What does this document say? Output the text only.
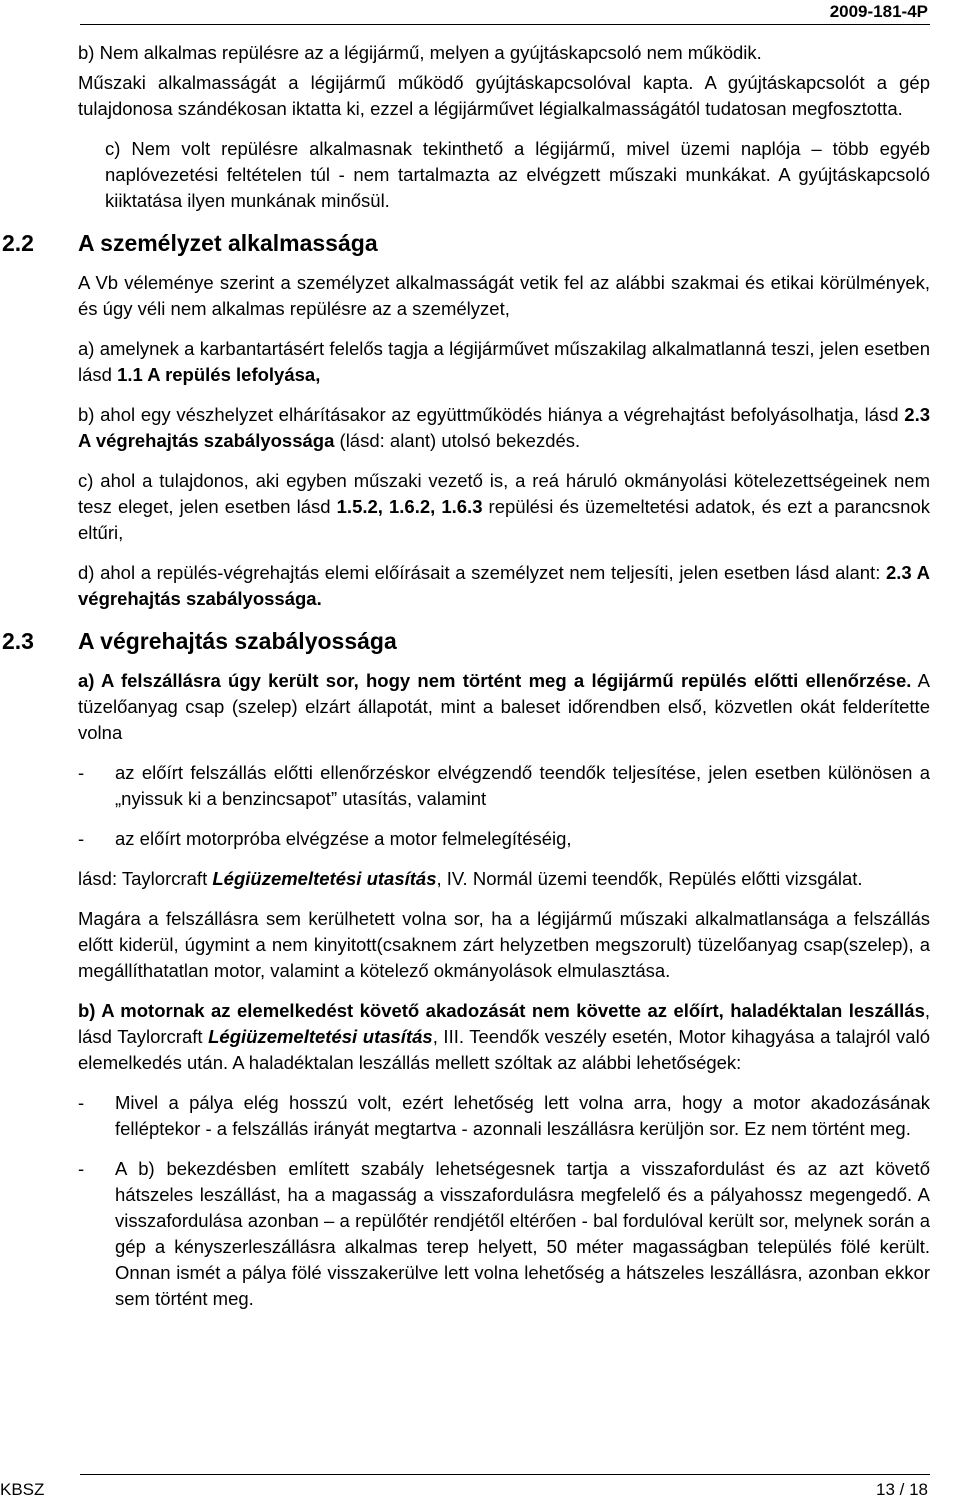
2009-181-4P

b) Nem alkalmas repülésre az a légijármű, melyen a gyújtáskapcsoló nem működik.

Műszaki alkalmasságát a légijármű működő gyújtáskapcsolóval kapta. A gyújtáskapcsolót a gép tulajdonosa szándékosan iktatta ki, ezzel a légijárművet légialkalmasságától tudatosan megfosztotta.

c) Nem volt repülésre alkalmasnak tekinthető a légijármű, mivel üzemi naplója – több egyéb naplóvezetési feltételen túl - nem tartalmazta az elvégzett műszaki munkákat. A gyújtáskapcsoló kiiktatása ilyen munkának minősül.

2.2 A személyzet alkalmassága

A Vb véleménye szerint a személyzet alkalmasságát vetik fel az alábbi szakmai és etikai körülmények, és úgy véli nem alkalmas repülésre az a személyzet,

a) amelynek a karbantartásért felelős tagja a légijárművet műszakilag alkalmatlanná teszi, jelen esetben lásd 1.1 A repülés lefolyása,

b) ahol egy vészhelyzet elhárításakor az együttműködés hiánya a végrehajtást befolyásolhatja, lásd 2.3 A végrehajtás szabályossága (lásd: alant) utolsó bekezdés.

c) ahol a tulajdonos, aki egyben műszaki vezető is, a reá háruló okmányolási kötelezettségeinek nem tesz eleget, jelen esetben lásd 1.5.2, 1.6.2, 1.6.3 repülési és üzemeltetési adatok, és ezt a parancsnok eltűri,

d) ahol a repülés-végrehajtás elemi előírásait a személyzet nem teljesíti, jelen esetben lásd alant: 2.3 A végrehajtás szabályossága.

2.3 A végrehajtás szabályossága

a) A felszállásra úgy került sor, hogy nem történt meg a légijármű repülés előtti ellenőrzése. A tüzelőanyag csap (szelep) elzárt állapotát, mint a baleset időrendben első, közvetlen okát felderítette volna

- az előírt felszállás előtti ellenőrzéskor elvégzendő teendők teljesítése, jelen esetben különösen a „nyissuk ki a benzincsapot” utasítás, valamint
- az előírt motorpróba elvégzése a motor felmelegítéséig,

lásd: Taylorcraft Légiüzemeltetési utasítás, IV. Normál üzemi teendők, Repülés előtti vizsgálat.

Magára a felszállásra sem kerülhetett volna sor, ha a légijármű műszaki alkalmatlansága a felszállás előtt kiderül, úgymint a nem kinyitott(csaknem zárt helyzetben megszorult) tüzelőanyag csap(szelep), a megállíthatatlan motor, valamint a kötelező okmányolások elmulasztása.

b) A motornak az elemelkedést követő akadozását nem követte az előírt, haladéktalan leszállás, lásd Taylorcraft Légiüzemeltetési utasítás, III. Teendők veszély esetén, Motor kihagyása a talajról való elemelkedés után. A haladéktalan leszállás mellett szóltak az alábbi lehetőségek:

- Mivel a pálya elég hosszú volt, ezért lehetőség lett volna arra, hogy a motor akadozásának felléptekor - a felszállás irányát megtartva - azonnali leszállásra kerüljön sor. Ez nem történt meg.
- A b) bekezdésben említett szabály lehetségesnek tartja a visszafordulást és az azt követő hátszeles leszállást, ha a magasság a visszafordulásra megfelelő és a pályahossz megengedő. A visszafordulása azonban – a repülőtér rendjétől eltérően - bal fordulóval került sor, melynek során a gép a kényszerleszállásra alkalmas terep helyett, 50 méter magasságban település fölé került. Onnan ismét a pálya fölé visszakerülve lett volna lehetőség a hátszeles leszállásra, azonban ekkor sem történt meg.
KBSZ	13 / 18
